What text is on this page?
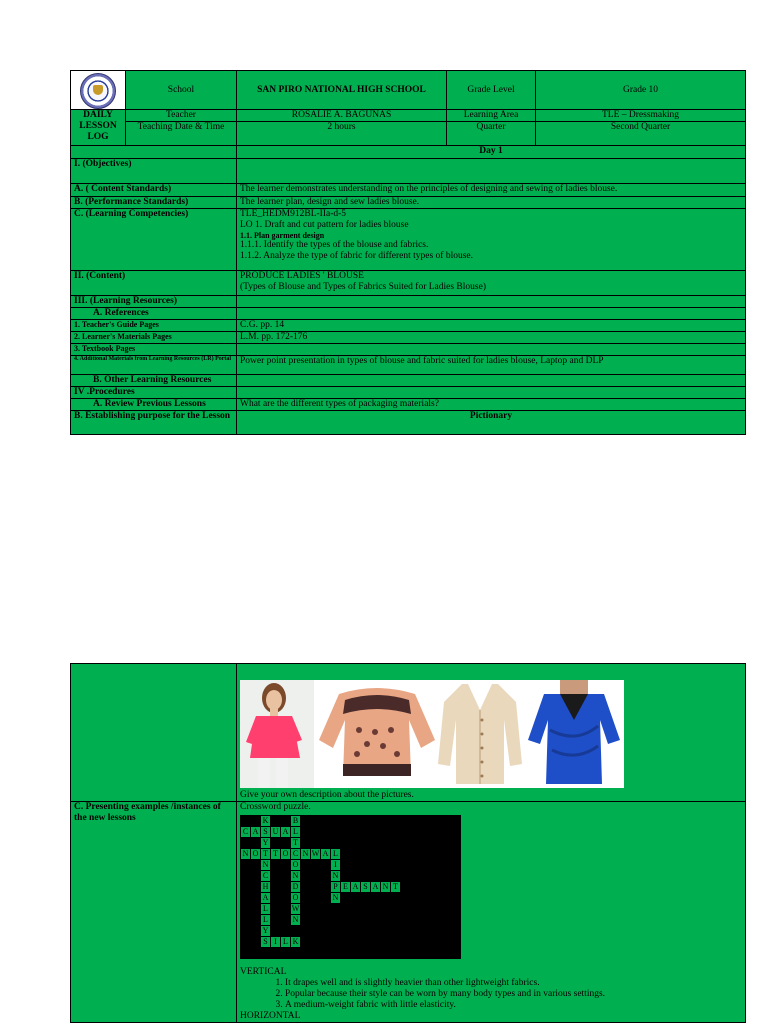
	School	SAN PIRO NATIONAL HIGH SCHOOL	Grade Level	Grade 10

DAILY
LESSON
LOG	Teacher	ROSALIE A. BAGUNAS	Learning Area	TLE – Dressmaking
	Teaching Date & Time	2 hours	Quarter	Second Quarter
		Day 1		
I. (Objectives)				
A. ( Content Standards)		The learner demonstrates understanding on the principles of designing and sewing of ladies blouse.		
B. (Performance Standards)		The learner plan, design and sew ladies blouse.		
C. (Learning Competencies)		TLE_HEDM912BL-IIa-d-5
LO 1. Draft and cut pattern for ladies blouse
1.1. Plan garment design
1.1.1. Identify the types of the blouse and fabrics.
1.1.2. Analyze the type of fabric for different types of blouse.		

II. (Content)		PRODUCE LADIES ' BLOUSE
(Types of Blouse and Types of Fabrics Suited for Ladies Blouse)		

III. (Learning Resources)				
A. References				
1. Teacher's Guide Pages		C.G. pp. 14		
2. Learner's Materials Pages		L.M. pp. 172-176		
3. Textbook Pages				
4. Additional Materials from Learning Resources (LR) Portal		Power point presentation in types of blouse and fabric suited for ladies blouse, Laptop and DLP		
B. Other Learning Resources				
IV .Procedures				
A. Review Previous Lessons		What are the different types of packaging materials?		
B. Establishing purpose for the Lesson		Pictionary		

Give your own description about the pictures.

C. Presenting examples /instances of the new lessons	
Crossword puzzle.
		K			B																
C	A	S	U	A	L																
		Y			T																
N	O	T	T	O	C	N	W	A	L												
		N			O				I												
		C			N				N												
		H			D				P	E	A	S	A	N	T						
		A			O				N												
		L			W																
		L			N																
		Y																			
		S	I	L	K																

VERTICAL
1. It drapes well and is slightly heavier than other lightweight fabrics.
2. Popular because their style can be worn by many body types and in various settings.
3. A medium-weight fabric with little elasticity.
HORIZONTAL
